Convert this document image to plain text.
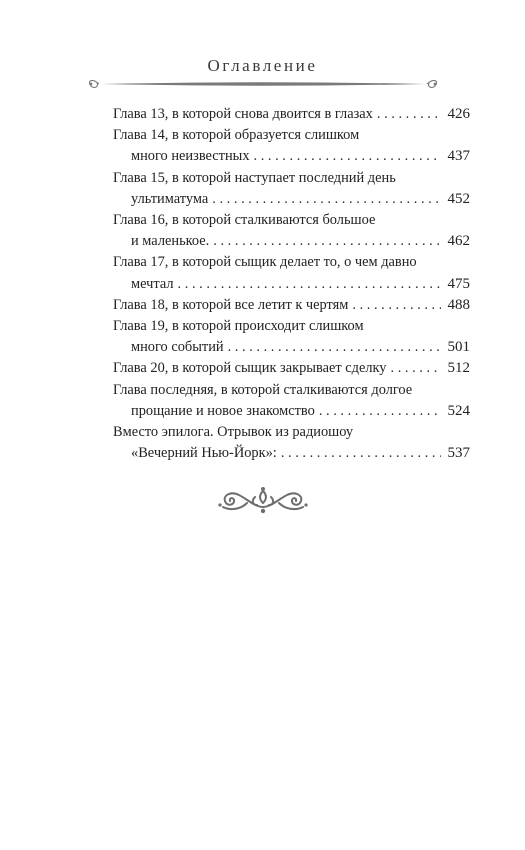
Оглавление
Глава 13, в которой снова двоится в глазах . . .	426
Глава 14, в которой образуется слишком
много неизвестных . . .	437
Глава 15, в которой наступает последний день
ультиматума . . .	452
Глава 16, в которой сталкиваются большое
и маленькое. . . .	462
Глава 17, в которой сыщик делает то, о чем давно
мечтал . . .	475
Глава 18, в которой все летит к чертям . . .	488
Глава 19, в которой происходит слишком
много событий . . .	501
Глава 20, в которой сыщик закрывает сделку . . .	512
Глава последняя, в которой сталкиваются долгое
прощание и новое знакомство . . .	524
Вместо эпилога. Отрывок из радиошоу
«Вечерний Нью-Йорк»: . . .	537
